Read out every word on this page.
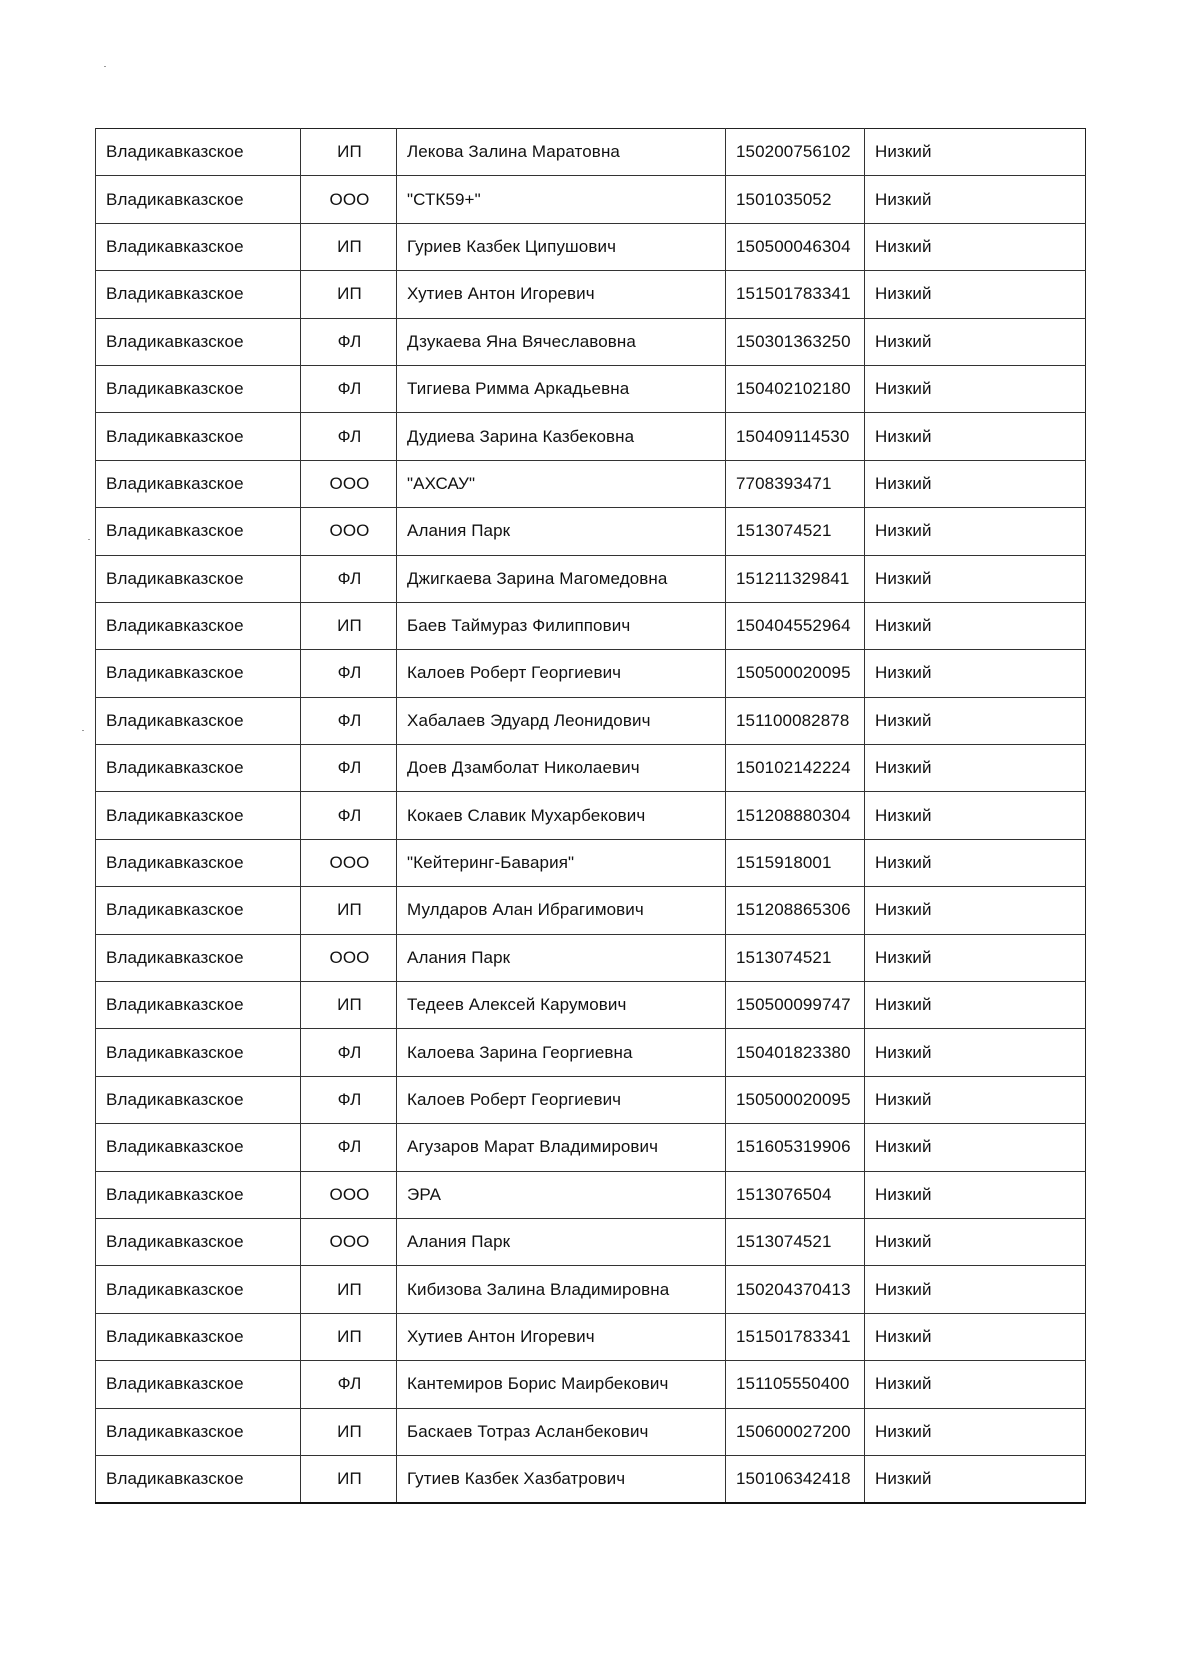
Владикавказское	ИП	Лекова Залина Маратовна	150200756102	Низкий
Владикавказское	ООО	"СТК59+"	1501035052	Низкий
Владикавказское	ИП	Гуриев Казбек Ципушович	150500046304	Низкий
Владикавказское	ИП	Хутиев Антон Игоревич	151501783341	Низкий
Владикавказское	ФЛ	Дзукаева Яна Вячеславовна	150301363250	Низкий
Владикавказское	ФЛ	Тигиева Римма Аркадьевна	150402102180	Низкий
Владикавказское	ФЛ	Дудиева Зарина Казбековна	150409114530	Низкий
Владикавказское	ООО	"АХСАУ"	7708393471	Низкий
Владикавказское	ООО	Алания Парк	1513074521	Низкий
Владикавказское	ФЛ	Джигкаева Зарина Магомедовна	151211329841	Низкий
Владикавказское	ИП	Баев Таймураз Филиппович	150404552964	Низкий
Владикавказское	ФЛ	Калоев Роберт Георгиевич	150500020095	Низкий
Владикавказское	ФЛ	Хабалаев Эдуард Леонидович	151100082878	Низкий
Владикавказское	ФЛ	Доев Дзамболат Николаевич	150102142224	Низкий
Владикавказское	ФЛ	Кокаев Славик Мухарбекович	151208880304	Низкий
Владикавказское	ООО	"Кейтеринг-Бавария"	1515918001	Низкий
Владикавказское	ИП	Мулдаров Алан Ибрагимович	151208865306	Низкий
Владикавказское	ООО	Алания Парк	1513074521	Низкий
Владикавказское	ИП	Тедеев Алексей Карумович	150500099747	Низкий
Владикавказское	ФЛ	Калоева Зарина Георгиевна	150401823380	Низкий
Владикавказское	ФЛ	Калоев Роберт Георгиевич	150500020095	Низкий
Владикавказское	ФЛ	Агузаров Марат Владимирович	151605319906	Низкий
Владикавказское	ООО	ЭРА	1513076504	Низкий
Владикавказское	ООО	Алания Парк	1513074521	Низкий
Владикавказское	ИП	Кибизова Залина Владимировна	150204370413	Низкий
Владикавказское	ИП	Хутиев Антон Игоревич	151501783341	Низкий
Владикавказское	ФЛ	Кантемиров Борис Маирбекович	151105550400	Низкий
Владикавказское	ИП	Баскаев Тотраз Асланбекович	150600027200	Низкий
Владикавказское	ИП	Гутиев Казбек Хазбатрович	150106342418	Низкий
